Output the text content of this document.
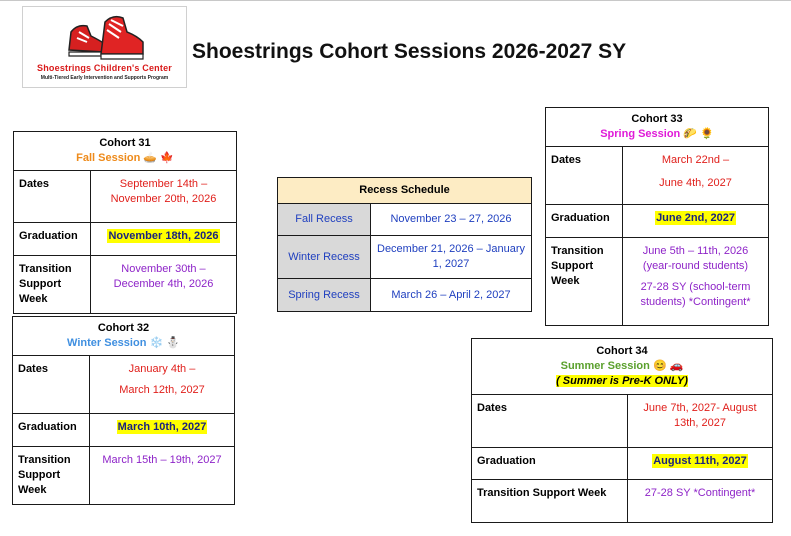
Shoestrings Children's Center
Multi-Tiered Early Intervention and Supports Program
Shoestrings Cohort Sessions 2026-2027 SY
Cohort 31
Fall Session 🥧 🍁	
Dates	September 14th – November 20th, 2026
Graduation	November 18th, 2026
Transition Support Week	November 30th – December 4th, 2026
Cohort 32
Winter Session ❄️ ⛄	
Dates	January 4th –
March 12th, 2027

Graduation	March 10th, 2027
Transition Support Week	March 15th – 19th, 2027
Recess Schedule	
Fall Recess	November 23 – 27, 2026
Winter Recess	December 21, 2026 – January 1, 2027
Spring Recess	March 26 – April 2, 2027
Cohort 33
Spring Session 🌮 🌻	
Dates	March 22nd –
June 4th, 2027

Graduation	June 2nd, 2027
Transition Support Week	June 5th – 11th, 2026 (year-round students)
27-28 SY (school-term students) *Contingent*
Cohort 34
Summer Session 😊 🚗
( Summer is Pre-K ONLY)	
Dates	June 7th, 2027- August 13th, 2027
Graduation	August 11th, 2027
Transition Support Week	27-28 SY *Contingent*
